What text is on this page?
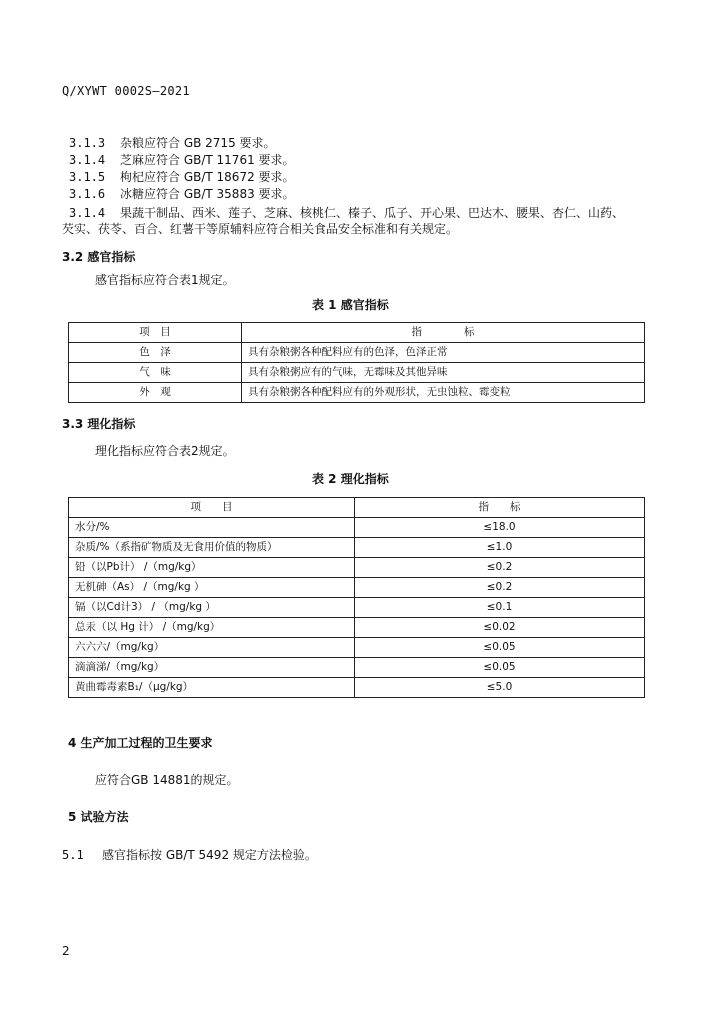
Q/XYWT 0002S—2021
3.1.3 杂粮应符合 GB 2715 要求。
3.1.4 芝麻应符合 GB/T 11761 要求。
3.1.5 枸杞应符合 GB/T 18672 要求。
3.1.6 冰糖应符合 GB/T 35883 要求。
3.1.4 果蔬干制品、西米、莲子、芝麻、核桃仁、榛子、瓜子、开心果、巴达木、腰果、杏仁、山药、
芡实、茯苓、百合、红薯干等原辅料应符合相关食品安全标准和有关规定。
3.2 感官指标
感官指标应符合表1规定。
表 1 感官指标
项　目	指　　　　标
色　泽	具有杂粮粥各种配料应有的色泽，色泽正常
气　味	具有杂粮粥应有的气味，无霉味及其他异味
外　观	具有杂粮粥各种配料应有的外观形状，无虫蚀粒、霉变粒
3.3 理化指标
理化指标应符合表2规定。
表 2 理化指标
项　　目	指　　标
水分/%	≤18.0
杂质/%（系指矿物质及无食用价值的物质）	≤1.0
铅（以Pb计） /（mg/kg）	≤0.2
无机砷（As） /（mg/kg ）	≤0.2
镉（以Cd计3） / （mg/kg ）	≤0.1
总汞（以 Hg 计） /（mg/kg）	≤0.02
六六六/（mg/kg）	≤0.05
滴滴涕/（mg/kg）	≤0.05
黄曲霉毒素B₁/（μg/kg）	≤5.0
4 生产加工过程的卫生要求
应符合GB 14881的规定。
5 试验方法
5.1 感官指标按 GB/T 5492 规定方法检验。
2
